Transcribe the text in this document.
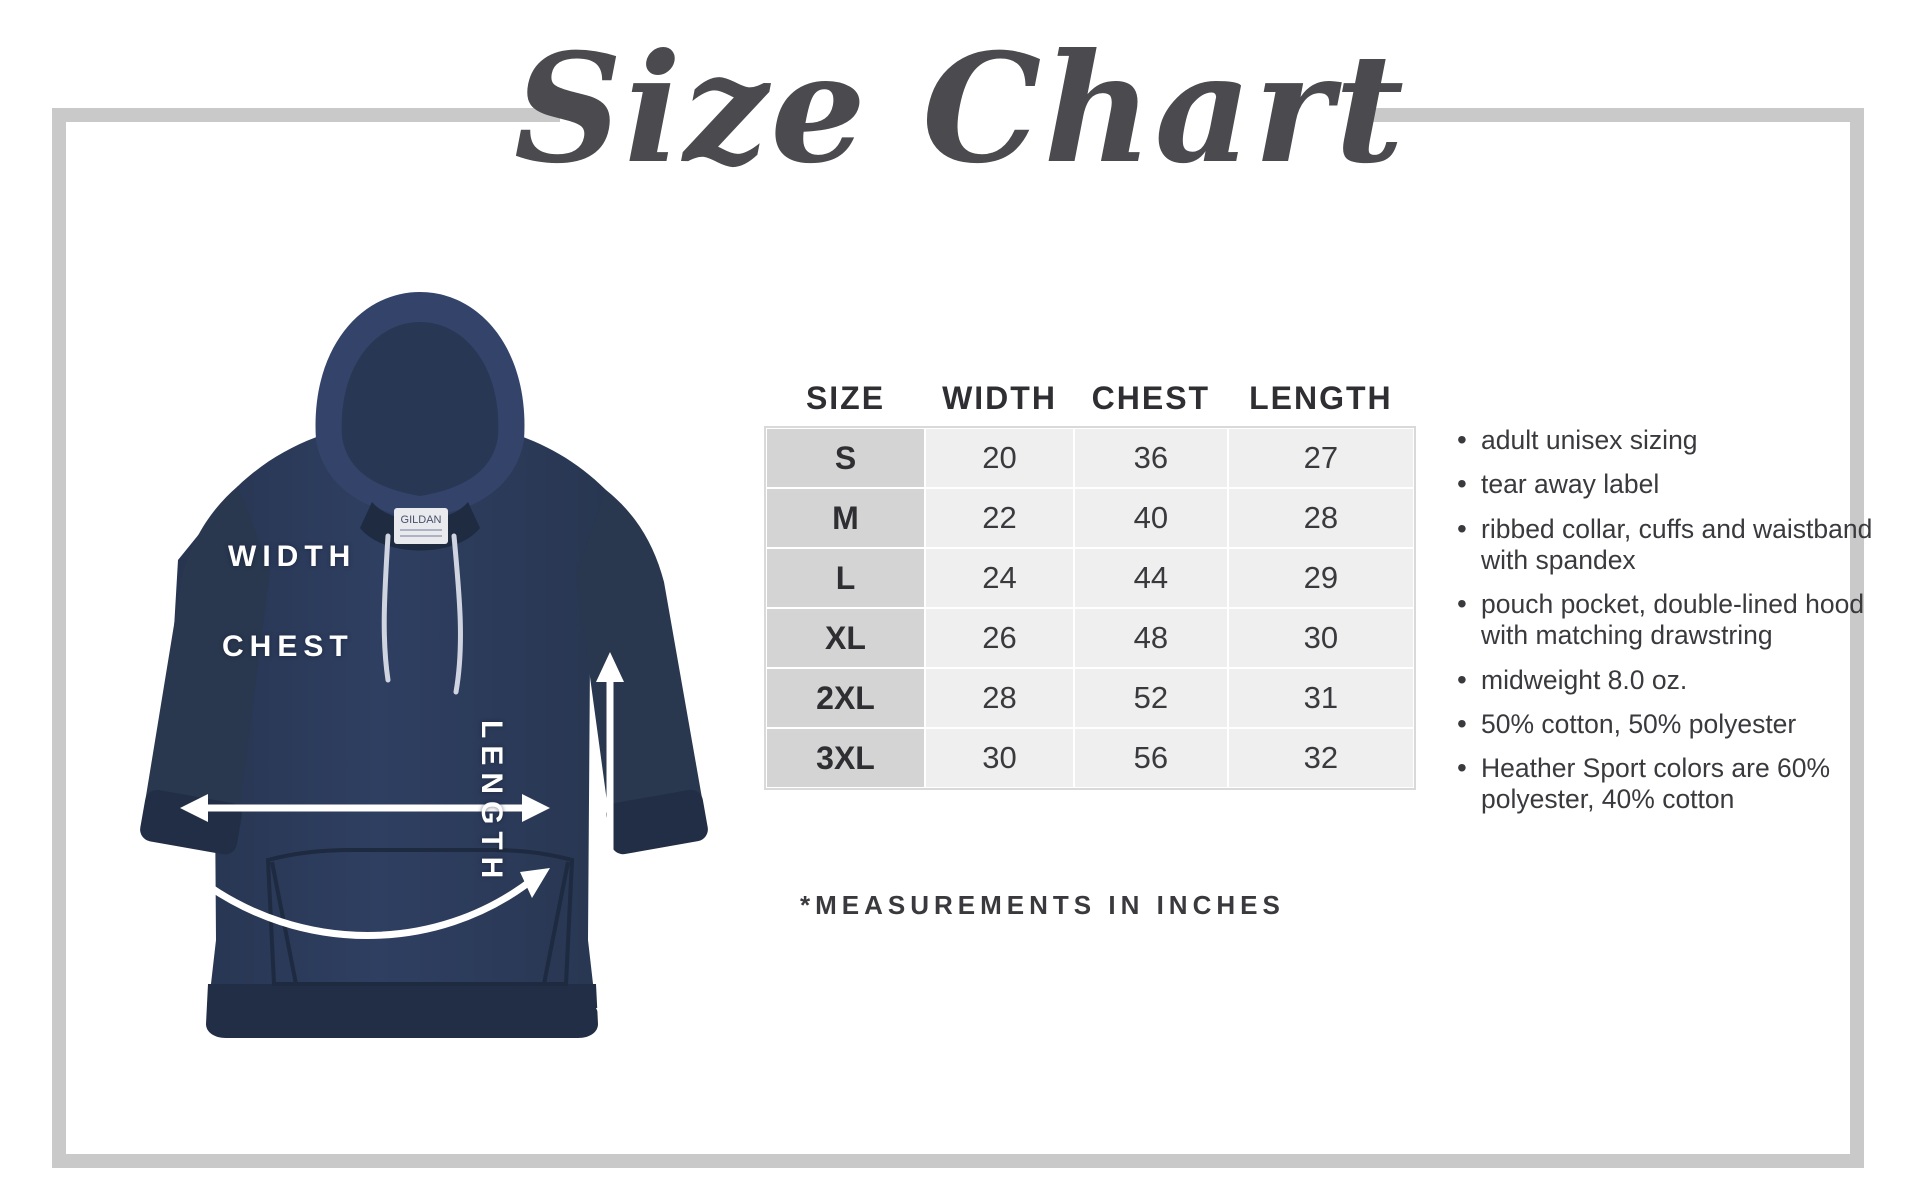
Size Chart
GILDAN
WIDTH
CHEST
LENGTH
SIZE	WIDTH	CHEST	LENGTH
S	20	36	27
M	22	40	28
L	24	44	29
XL	26	48	30
2XL	28	52	31
3XL	30	56	32
*MEASUREMENTS IN INCHES
• adult unisex sizing
• tear away label
• ribbed collar, cuffs and waistband with spandex
• pouch pocket, double-lined hood with matching drawstring
• midweight 8.0 oz.
• 50% cotton, 50% polyester
• Heather Sport colors are 60% polyester, 40% cotton
